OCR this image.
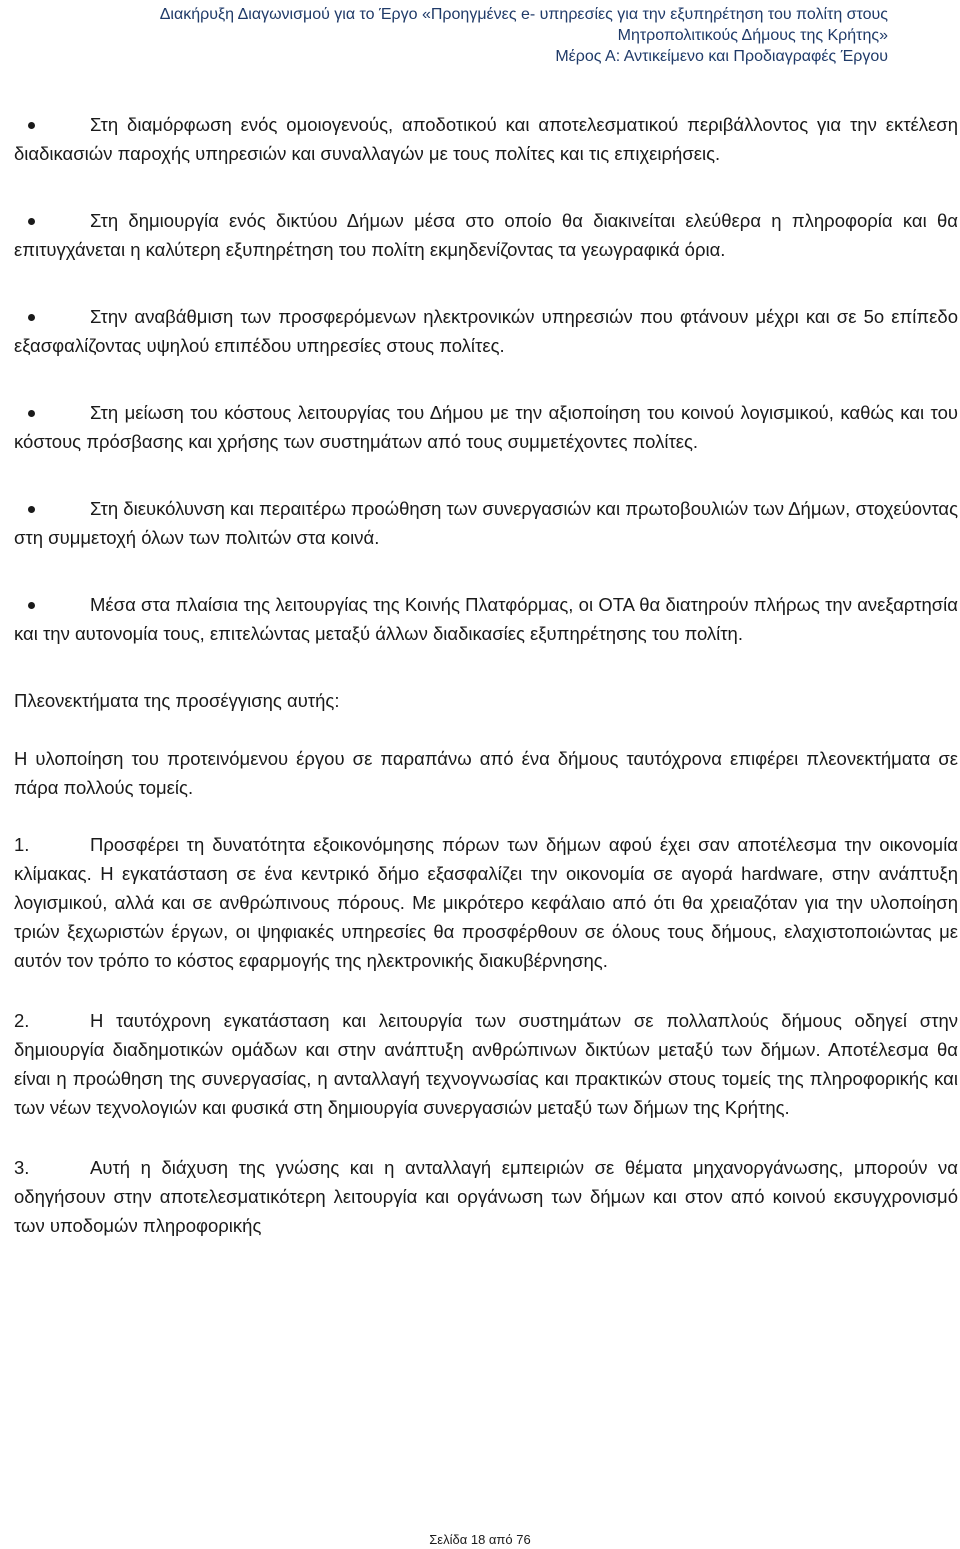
Διακήρυξη Διαγωνισμού για το Έργο «Προηγμένες e- υπηρεσίες για την εξυπηρέτηση του πολίτη στους
Μητροπολιτικούς Δήμους της Κρήτης»
Μέρος Α: Αντικείμενο και Προδιαγραφές Έργου

Στη διαμόρφωση ενός ομοιογενούς, αποδοτικού και αποτελεσματικού περιβάλλοντος για την εκτέλεση διαδικασιών παροχής υπηρεσιών και συναλλαγών με τους πολίτες και τις επιχειρήσεις.

Στη δημιουργία ενός δικτύου Δήμων μέσα στο οποίο θα διακινείται ελεύθερα η πληροφορία και θα επιτυγχάνεται η καλύτερη εξυπηρέτηση του πολίτη εκμηδενίζοντας τα γεωγραφικά όρια.

Στην αναβάθμιση των προσφερόμενων ηλεκτρονικών υπηρεσιών που φτάνουν μέχρι και σε 5ο επίπεδο εξασφαλίζοντας υψηλού επιπέδου υπηρεσίες στους πολίτες.

Στη μείωση του κόστους λειτουργίας του Δήμου με την αξιοποίηση του κοινού λογισμικού, καθώς και του κόστους πρόσβασης και χρήσης των συστημάτων από τους συμμετέχοντες πολίτες.

Στη διευκόλυνση και περαιτέρω προώθηση των συνεργασιών και πρωτοβουλιών των Δήμων, στοχεύοντας στη συμμετοχή όλων των πολιτών στα κοινά.

Μέσα στα πλαίσια της λειτουργίας της Κοινής Πλατφόρμας, οι ΟΤΑ θα διατηρούν πλήρως την ανεξαρτησία και την αυτονομία τους, επιτελώντας μεταξύ άλλων διαδικασίες εξυπηρέτησης του πολίτη.

Πλεονεκτήματα της προσέγγισης αυτής:

Η υλοποίηση του προτεινόμενου έργου σε παραπάνω από ένα δήμους ταυτόχρονα επιφέρει πλεονεκτήματα σε πάρα πολλούς τομείς.

1.	Προσφέρει τη δυνατότητα εξοικονόμησης πόρων των δήμων αφού έχει σαν αποτέλεσμα την οικονομία κλίμακας. Η εγκατάσταση σε ένα κεντρικό δήμο εξασφαλίζει την οικονομία σε αγορά hardware, στην ανάπτυξη λογισμικού, αλλά και σε ανθρώπινους πόρους. Με μικρότερο κεφάλαιο από ότι θα χρειαζόταν για την υλοποίηση τριών ξεχωριστών έργων, οι ψηφιακές υπηρεσίες θα προσφέρθουν σε όλους τους δήμους, ελαχιστοποιώντας με αυτόν τον τρόπο το κόστος εφαρμογής της ηλεκτρονικής διακυβέρνησης.

2.	Η ταυτόχρονη εγκατάσταση και λειτουργία των συστημάτων σε πολλαπλούς δήμους οδηγεί στην δημιουργία διαδημοτικών ομάδων και στην ανάπτυξη ανθρώπινων δικτύων μεταξύ των δήμων. Αποτέλεσμα θα είναι η προώθηση της συνεργασίας, η ανταλλαγή τεχνογνωσίας και πρακτικών στους τομείς της πληροφορικής και των νέων τεχνολογιών και φυσικά στη δημιουργία συνεργασιών μεταξύ των δήμων της Κρήτης.

3.	Αυτή η διάχυση της γνώσης και η ανταλλαγή εμπειριών σε θέματα μηχανοργάνωσης, μπορούν να οδηγήσουν στην αποτελεσματικότερη λειτουργία και οργάνωση των δήμων και στον από κοινού εκσυγχρονισμό των υποδομών πληροφορικής

Σελίδα 18 από 76
